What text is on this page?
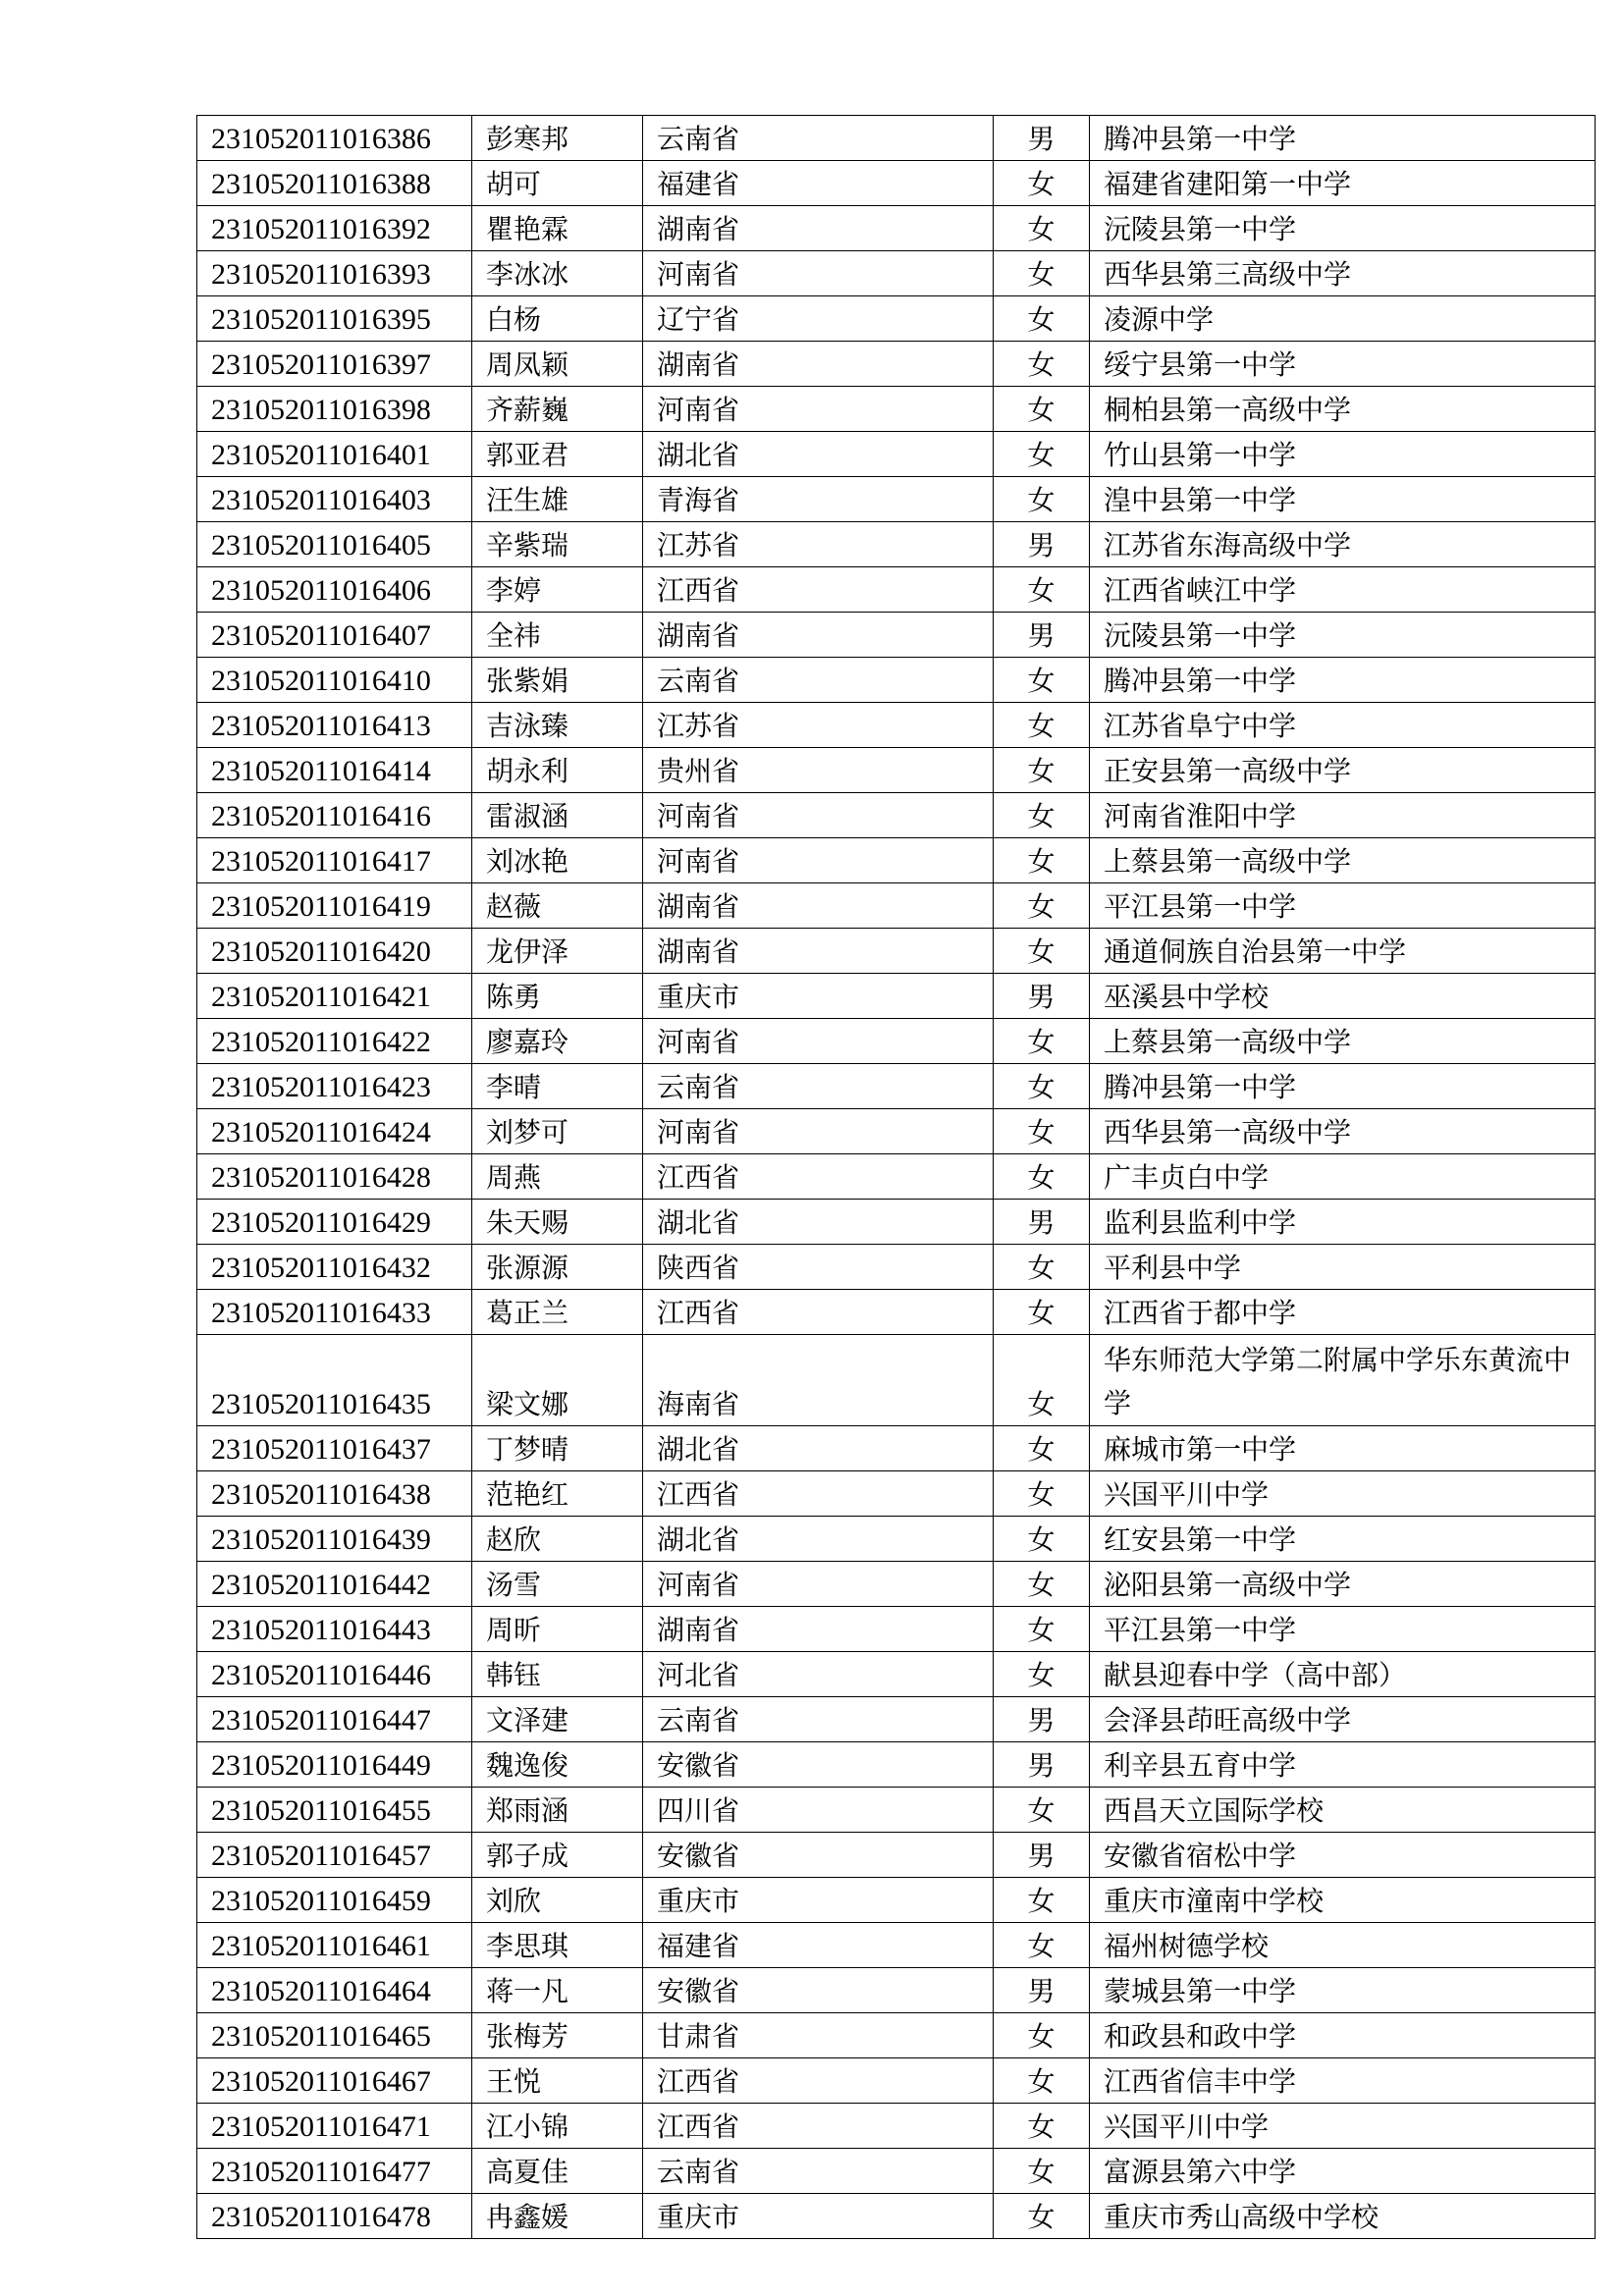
231052011016386	彭寒邦	云南省	男	腾冲县第一中学
231052011016388	胡可	福建省	女	福建省建阳第一中学
231052011016392	瞿艳霖	湖南省	女	沅陵县第一中学
231052011016393	李冰冰	河南省	女	西华县第三高级中学
231052011016395	白杨	辽宁省	女	凌源中学
231052011016397	周凤颖	湖南省	女	绥宁县第一中学
231052011016398	齐薪巍	河南省	女	桐柏县第一高级中学
231052011016401	郭亚君	湖北省	女	竹山县第一中学
231052011016403	汪生雄	青海省	女	湟中县第一中学
231052011016405	辛紫瑞	江苏省	男	江苏省东海高级中学
231052011016406	李婷	江西省	女	江西省峡江中学
231052011016407	全祎	湖南省	男	沅陵县第一中学
231052011016410	张紫娟	云南省	女	腾冲县第一中学
231052011016413	吉泳臻	江苏省	女	江苏省阜宁中学
231052011016414	胡永利	贵州省	女	正安县第一高级中学
231052011016416	雷淑涵	河南省	女	河南省淮阳中学
231052011016417	刘冰艳	河南省	女	上蔡县第一高级中学
231052011016419	赵薇	湖南省	女	平江县第一中学
231052011016420	龙伊泽	湖南省	女	通道侗族自治县第一中学
231052011016421	陈勇	重庆市	男	巫溪县中学校
231052011016422	廖嘉玲	河南省	女	上蔡县第一高级中学
231052011016423	李晴	云南省	女	腾冲县第一中学
231052011016424	刘梦可	河南省	女	西华县第一高级中学
231052011016428	周燕	江西省	女	广丰贞白中学
231052011016429	朱天赐	湖北省	男	监利县监利中学
231052011016432	张源源	陕西省	女	平利县中学
231052011016433	葛正兰	江西省	女	江西省于都中学
231052011016435	梁文娜	海南省	女	华东师范大学第二附属中学乐东黄流中学
231052011016437	丁梦晴	湖北省	女	麻城市第一中学
231052011016438	范艳红	江西省	女	兴国平川中学
231052011016439	赵欣	湖北省	女	红安县第一中学
231052011016442	汤雪	河南省	女	泌阳县第一高级中学
231052011016443	周昕	湖南省	女	平江县第一中学
231052011016446	韩钰	河北省	女	献县迎春中学（高中部）
231052011016447	文泽建	云南省	男	会泽县茚旺高级中学
231052011016449	魏逸俊	安徽省	男	利辛县五育中学
231052011016455	郑雨涵	四川省	女	西昌天立国际学校
231052011016457	郭子成	安徽省	男	安徽省宿松中学
231052011016459	刘欣	重庆市	女	重庆市潼南中学校
231052011016461	李思琪	福建省	女	福州树德学校
231052011016464	蒋一凡	安徽省	男	蒙城县第一中学
231052011016465	张梅芳	甘肃省	女	和政县和政中学
231052011016467	王悦	江西省	女	江西省信丰中学
231052011016471	江小锦	江西省	女	兴国平川中学
231052011016477	高夏佳	云南省	女	富源县第六中学
231052011016478	冉鑫媛	重庆市	女	重庆市秀山高级中学校
